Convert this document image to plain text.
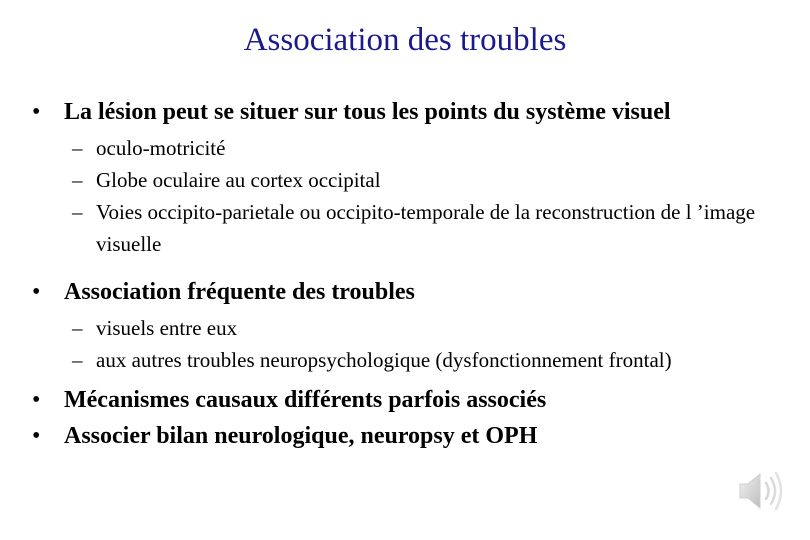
Association des troubles
• La lésion peut se situer sur tous les points du système visuel
– oculo-motricité
– Globe oculaire au cortex occipital
– Voies occipito-parietale ou occipito-temporale de la reconstruction de l ’image visuelle
• Association fréquente des troubles
– visuels entre eux
– aux autres troubles neuropsychologique (dysfonctionnement frontal)
• Mécanismes causaux différents parfois associés
• Associer bilan neurologique, neuropsy et OPH
